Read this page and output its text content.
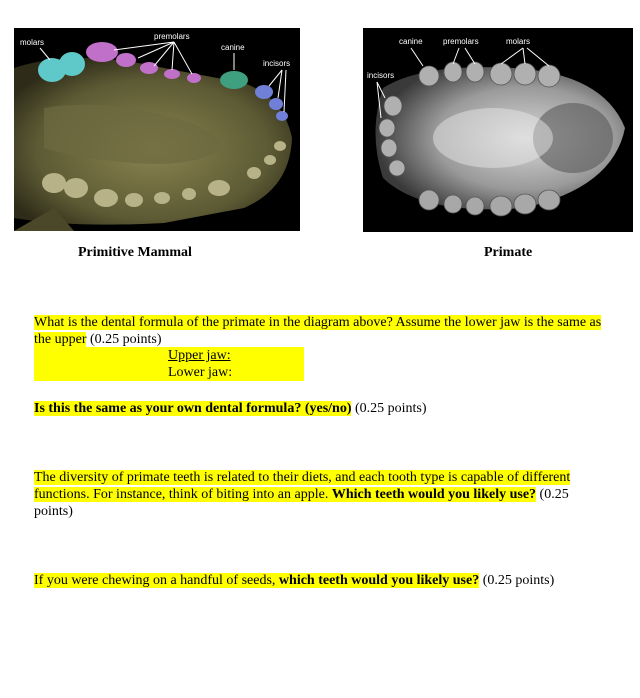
molars
premolars
canine
incisors
canine	premolars	molars
incisors
Primitive Mammal	Primate
What is the dental formula of the primate in the diagram above? Assume the lower jaw is the same as the upper (0.25 points)
Upper jaw:
Lower jaw:
Is this the same as your own dental formula? (yes/no) (0.25 points)
The diversity of primate teeth is related to their diets, and each tooth type is capable of different functions. For instance, think of biting into an apple. Which teeth would you likely use? (0.25 points)
If you were chewing on a handful of seeds, which teeth would you likely use? (0.25 points)
